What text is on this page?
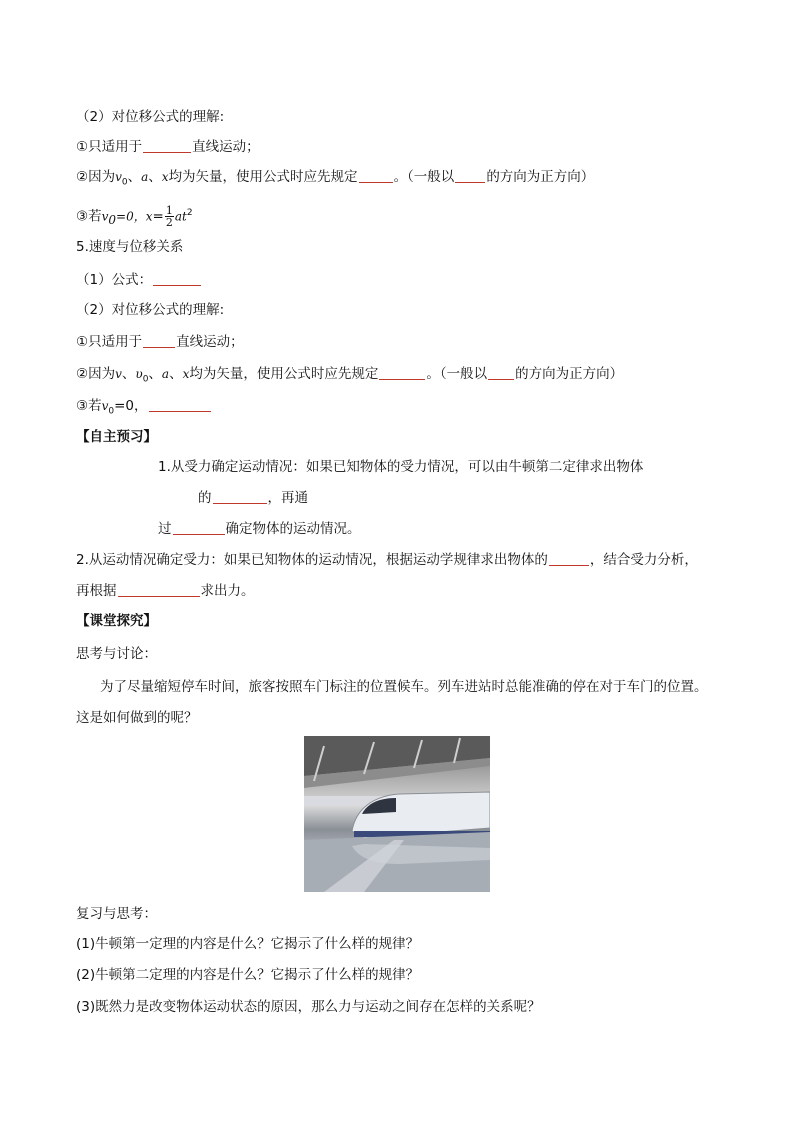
（2）对位移公式的理解:
①只适用于	直线运动；
②因为$v_0$、a、x均为矢量，使用公式时应先规定	。（一般以 的方向为正方向）
③若$v_0=0$，$x= \frac{1}{2} at^2$
5.速度与位移关系
（1）公式：
（2）对位移公式的理解:
①只适用于	直线运动；
②因为v、$\upsilon_0$、a、x均为矢量，使用公式时应先规定	。（一般以 的方向为正方向）
③若$v_0=0$，
【自主预习】
1.从受力确定运动情况：如果已知物体的受力情况，可以由牛顿第二定律求出物体
的	，再通
过	确定物体的运动情况。
2.从运动情况确定受力：如果已知物体的运动情况，根据运动学规律求出物体的	，结合受力分析，
再根据	求出力。
【课堂探究】
思考与讨论：
为了尽量缩短停车时间，旅客按照车门标注的位置候车。列车进站时总能准确的停在对于车门的位置。
这是如何做到的呢？
复习与思考：
(1)牛顿第一定理的内容是什么？它揭示了什么样的规律？
(2)牛顿第二定理的内容是什么？它揭示了什么样的规律？
(3)既然力是改变物体运动状态的原因，那么力与运动之间存在怎样的关系呢？
